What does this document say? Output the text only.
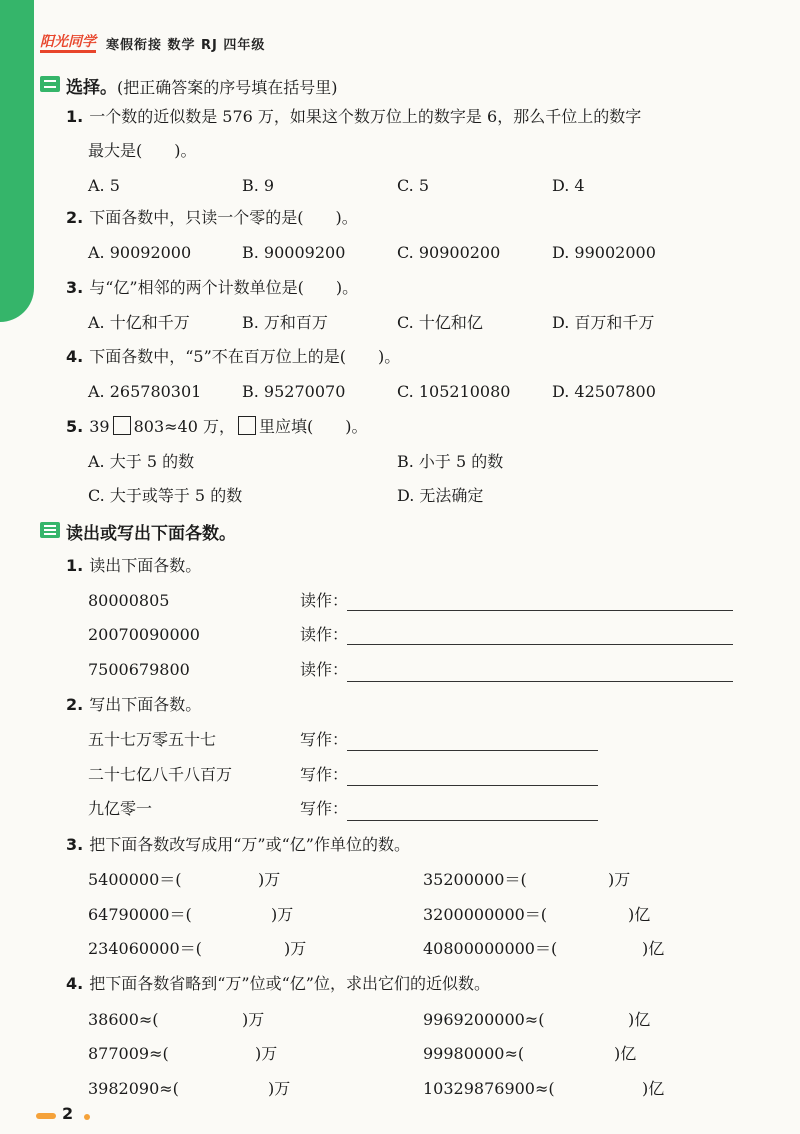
阳光同学 寒假衔接 数学 RJ 四年级
选择。(把正确答案的序号填在括号里)
1. 一个数的近似数是 576 万，如果这个数万位上的数字是 6，那么千位上的数字
最大是(　　)。
A. 5	B. 9	C. 5	D. 4
2. 下面各数中，只读一个零的是(　　)。
A. 90092000	B. 90009200	C. 90900200	D. 99002000
3. 与“亿”相邻的两个计数单位是(　　)。
A. 十亿和千万	B. 万和百万	C. 十亿和亿	D. 百万和千万
4. 下面各数中，“5”不在百万位上的是(　　)。
A. 265780301	B. 95270070	C. 105210080	D. 42507800
5. 39 803≈40 万， 里应填(　　)。
A. 大于 5 的数	B. 小于 5 的数
C. 大于或等于 5 的数	D. 无法确定
读出或写出下面各数。
1. 读出下面各数。
80000805	读作：
20070090000	读作：
7500679800	读作：
2. 写出下面各数。
五十七万零五十七	写作：
二十七亿八千八百万	写作：
九亿零一	写作：
3. 把下面各数改写成用“万”或“亿”作单位的数。
5400000＝(	)万	35200000＝(	)万
64790000＝(	)万	3200000000＝(	)亿
234060000＝(	)万	40800000000＝(	)亿
4. 把下面各数省略到“万”位或“亿”位，求出它们的近似数。
38600≈(	)万	9969200000≈(	)亿
877009≈(	)万	99980000≈(	)亿
3982090≈(	)万	10329876900≈(	)亿
2
